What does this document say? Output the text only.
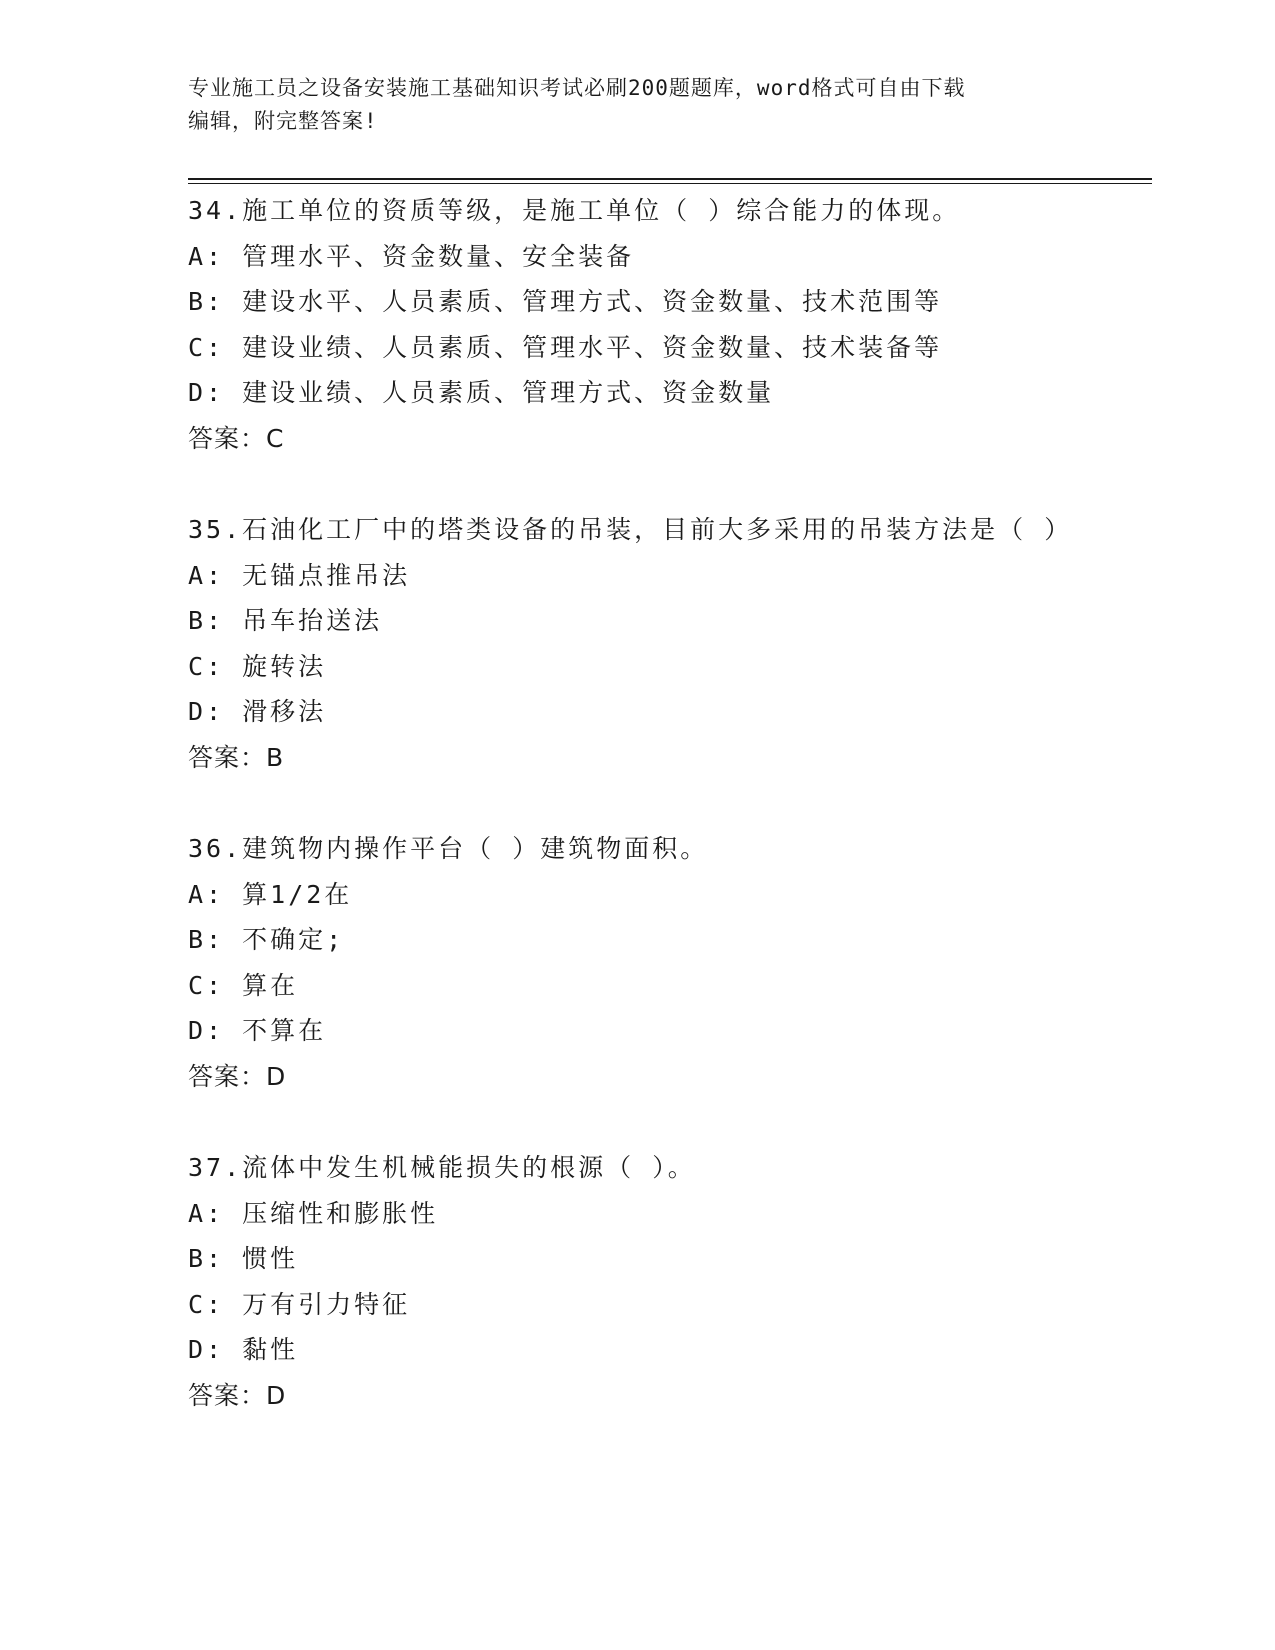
专业施工员之设备安装施工基础知识考试必刷200题题库，word格式可自由下载
编辑，附完整答案!

34.施工单位的资质等级，是施工单位（ ）综合能力的体现。

A: 管理水平、资金数量、安全装备

B: 建设水平、人员素质、管理方式、资金数量、技术范围等

C: 建设业绩、人员素质、管理水平、资金数量、技术装备等

D: 建设业绩、人员素质、管理方式、资金数量

答案：C

35.石油化工厂中的塔类设备的吊装，目前大多采用的吊装方法是（ ）

A: 无锚点推吊法

B: 吊车抬送法

C: 旋转法

D: 滑移法

答案：B

36.建筑物内操作平台（ ）建筑物面积。

A: 算1/2在

B: 不确定;

C: 算在

D: 不算在

答案：D

37.流体中发生机械能损失的根源（ ）。

A: 压缩性和膨胀性

B: 惯性

C: 万有引力特征

D: 黏性

答案：D
